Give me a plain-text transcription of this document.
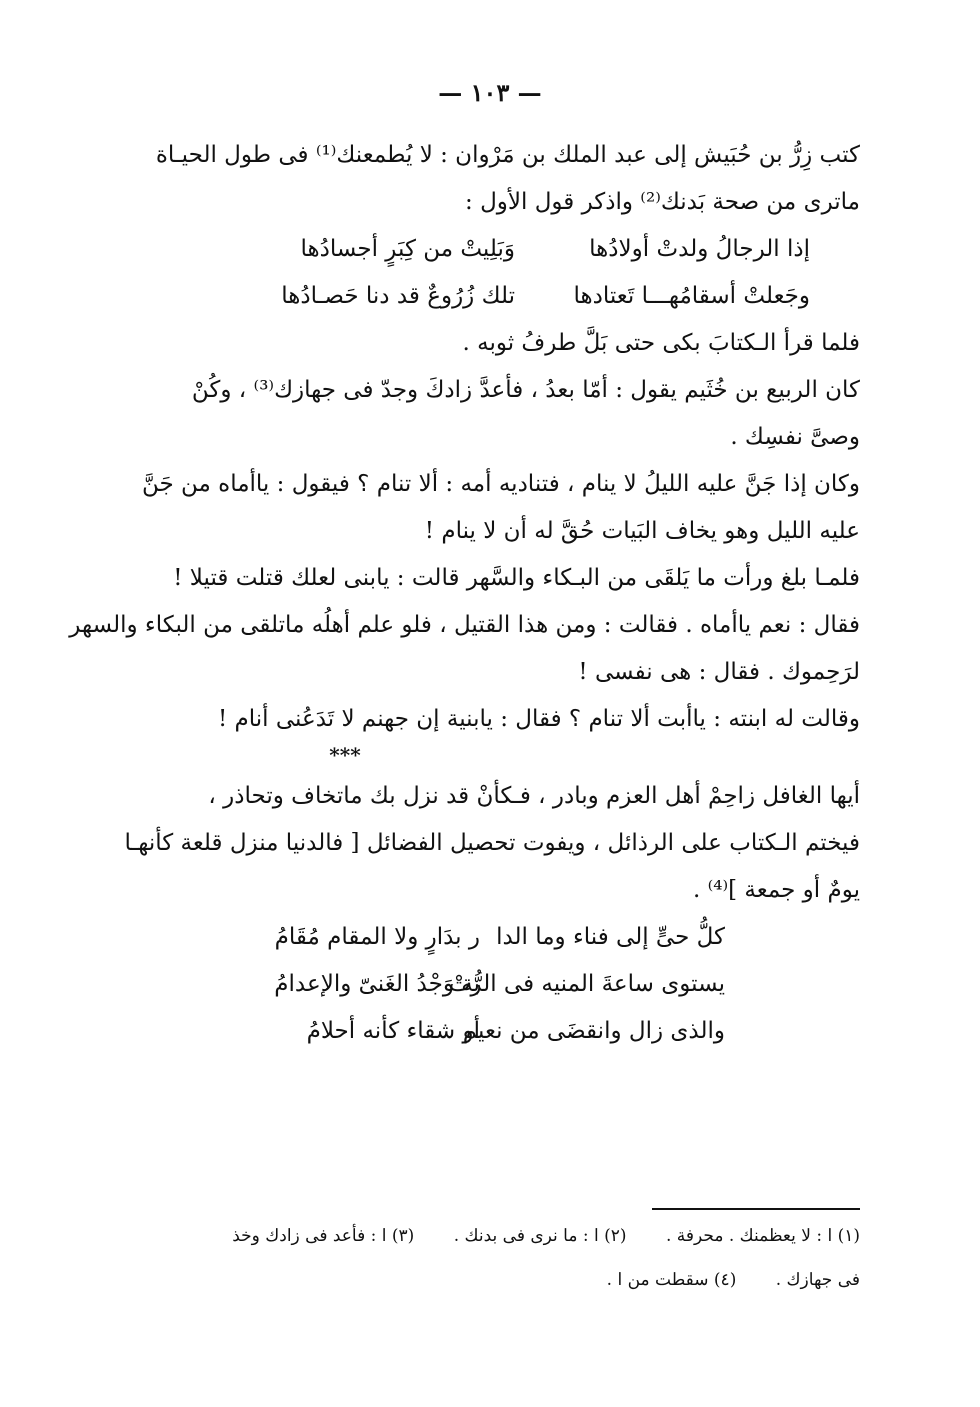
— ١٠٣ —
كتب زِرُّ بن حُبَيش إلى عبد الملك بن مَرْوان : لا يُطمعنك⁽¹⁾ فى طول الحيـاة
ماترى من صحة بَدنك⁽²⁾ واذكر قول الأول :
إذا الرجالُ ولدتْ أولادُها
وَبَلِيتْ من كِبَرٍ أجسادُها
وجَعلتْ أسقامُهـــا تَعتادها
تلك زُرُوعٌ قد دنا حَصـادُها
فلما قرأ الـكتابَ بكى حتى بَلَّ طرفُ ثوبه .
كان الربيع بن خُثَيم يقول : أمّا بعدُ ، فأعدَّ زادكَ وجدّ فى جهازك⁽³⁾ ، وكُنْ
وصىَّ نفسِك .
وكان إذا جَنَّ عليه الليلُ لا ينام ، فتناديه أمه : ألا تنام ؟ فيقول : ياأماه من جَنَّ
عليه الليل وهو يخاف البَيات حُقَّ له أن لا ينام !
فلمـا بلغ ورأت ما يَلقَى من البـكاء والسَّهر قالت : يابنى لعلك قتلت قتيلا !
فقال : نعم ياأماه . فقالت : ومن هذا القتيل ، فلو علم أهلُه ماتلقى من البكاء والسهر
لرَحِموك . فقال : هى نفسى !
وقالت له ابنته : ياأبت ألا تنام ؟ فقال : يابنية إن جهنم لا تَدَعُنى أنام !
***
أيها الغافل زاحِمْ أهل العزم وبادر ، فـكأنْ قد نزل بك ماتخاف وتحاذر ،
فيختم الـكتاب على الرذائل ، ويفوت تحصيل الفضائل [ فالدنيا منزل قلعة كأنهـا
يومٌ أو جمعة ]⁽⁴⁾ .
كلُّ حىٍّ إلى فناء وما الدا
ر بدَارٍ ولا المقام مُقَامُ
يستوى ساعةَ المنيه فى الرُّتْ
بة وَجْدُ الغَنىّ والإعدامُ
والذى زال وانقضَى من نعيم
أو شقاء كأنه أحلامُ
(١) ا : لا يعظمنك . محرفة . (٢) ا : ما نرى فى بدنك . (٣) ا : فأعد فى زادك وخذ
فى جهازك . (٤) سقطت من ا .
